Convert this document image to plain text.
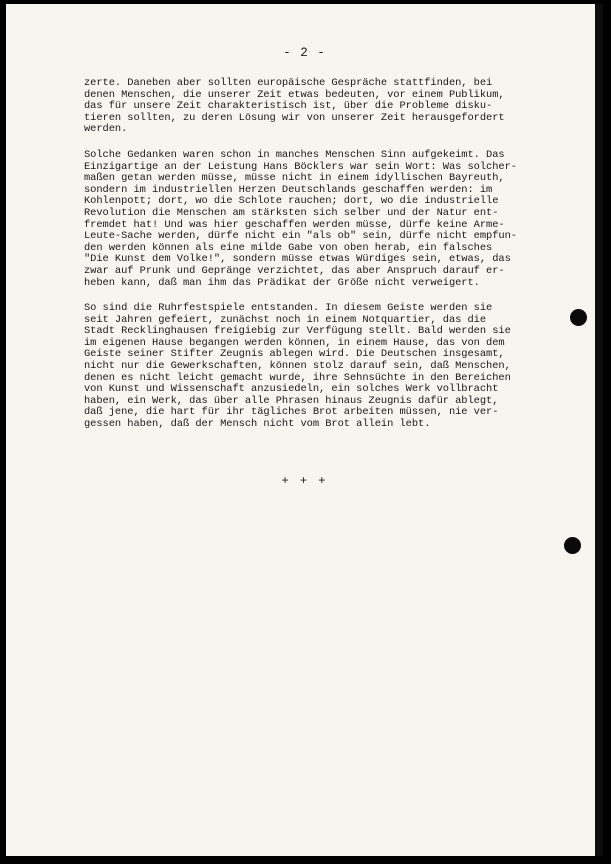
- 2 -
zerte. Daneben aber sollten europäische Gespräche stattfinden, bei
denen Menschen, die unserer Zeit etwas bedeuten, vor einem Publikum,
das für unsere Zeit charakteristisch ist, über die Probleme disku-
tieren sollten, zu deren Lösung wir von unserer Zeit herausgefordert
werden.
Solche Gedanken waren schon in manches Menschen Sinn aufgekeimt. Das
Einzigartige an der Leistung Hans Böcklers war sein Wort: Was solcher-
maßen getan werden müsse, müsse nicht in einem idyllischen Bayreuth,
sondern im industriellen Herzen Deutschlands geschaffen werden: im
Kohlenpott; dort, wo die Schlote rauchen; dort, wo die industrielle
Revolution die Menschen am stärksten sich selber und der Natur ent-
fremdet hat! Und was hier geschaffen werden müsse, dürfe keine Arme-
Leute-Sache werden, dürfe nicht ein "als ob" sein, dürfe nicht empfun-
den werden können als eine milde Gabe von oben herab, ein falsches
"Die Kunst dem Volke!", sondern müsse etwas Würdiges sein, etwas, das
zwar auf Prunk und Gepränge verzichtet, das aber Anspruch darauf er-
heben kann, daß man ihm das Prädikat der Größe nicht verweigert.
So sind die Ruhrfestspiele entstanden. In diesem Geiste werden sie
seit Jahren gefeiert, zunächst noch in einem Notquartier, das die
Stadt Recklinghausen freigiebig zur Verfügung stellt. Bald werden sie
im eigenen Hause begangen werden können, in einem Hause, das von dem
Geiste seiner Stifter Zeugnis ablegen wird. Die Deutschen insgesamt,
nicht nur die Gewerkschaften, können stolz darauf sein, daß Menschen,
denen es nicht leicht gemacht wurde, ihre Sehnsüchte in den Bereichen
von Kunst und Wissenschaft anzusiedeln, ein solches Werk vollbracht
haben, ein Werk, das über alle Phrasen hinaus Zeugnis dafür ablegt,
daß jene, die hart für ihr tägliches Brot arbeiten müssen, nie ver-
gessen haben, daß der Mensch nicht vom Brot allein lebt.
+ + +
